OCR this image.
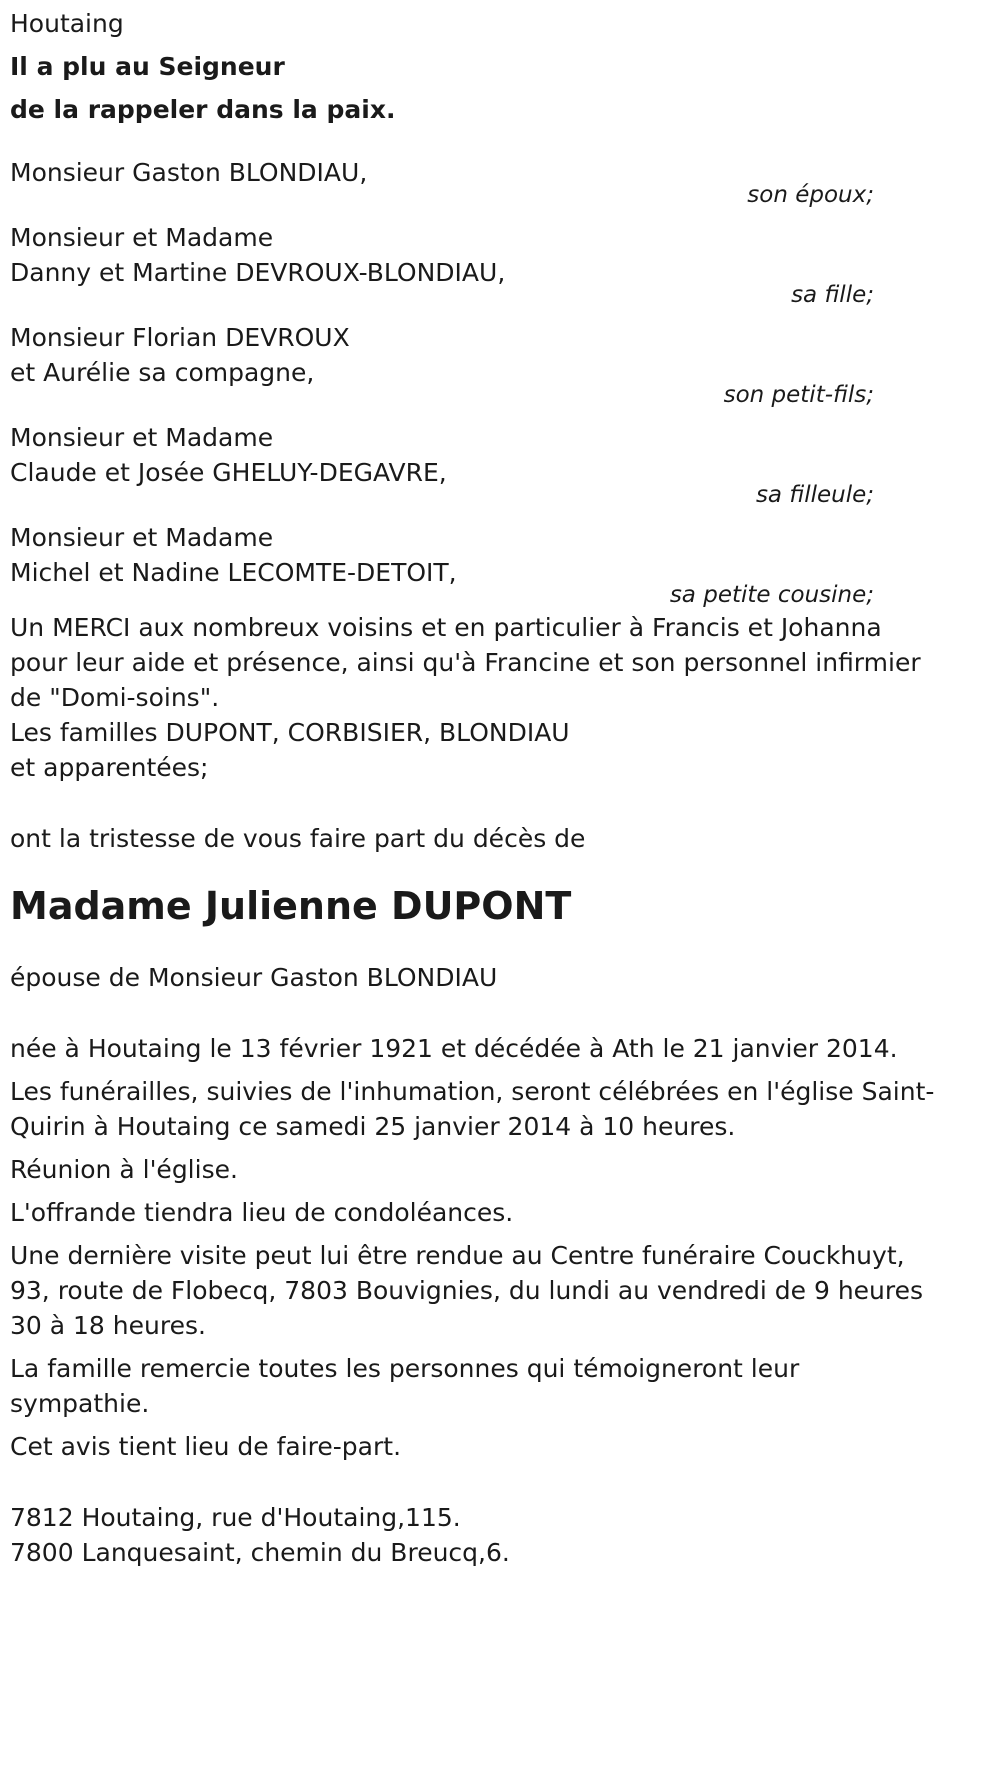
Houtaing

Il a plu au Seigneur

de la rappeler dans la paix.

Monsieur Gaston BLONDIAU,

son époux;

Monsieur et Madame

Danny et Martine DEVROUX-BLONDIAU,

sa fille;

Monsieur Florian DEVROUX

et Aurélie sa compagne,

son petit-fils;

Monsieur et Madame

Claude et Josée GHELUY-DEGAVRE,

sa filleule;

Monsieur et Madame

Michel et Nadine LECOMTE-DETOIT,

sa petite cousine;

Un MERCI aux nombreux voisins et en particulier à Francis et Johanna

pour leur aide et présence, ainsi qu'à Francine et son personnel infirmier

de "Domi-soins".

Les familles DUPONT, CORBISIER, BLONDIAU

et apparentées;

ont la tristesse de vous faire part du décès de

Madame Julienne DUPONT

épouse de Monsieur Gaston BLONDIAU

née à Houtaing le 13 février 1921 et décédée à Ath le 21 janvier 2014.

Les funérailles, suivies de l'inhumation, seront célébrées en l'église Saint-

Quirin à Houtaing ce samedi 25 janvier 2014 à 10 heures.

Réunion à l'église.

L'offrande tiendra lieu de condoléances.

Une dernière visite peut lui être rendue au Centre funéraire Couckhuyt,

93, route de Flobecq, 7803 Bouvignies, du lundi au vendredi de 9 heures

30 à 18 heures.

La famille remercie toutes les personnes qui témoigneront leur

sympathie.

Cet avis tient lieu de faire-part.

7812 Houtaing, rue d'Houtaing,115.

7800 Lanquesaint, chemin du Breucq,6.
